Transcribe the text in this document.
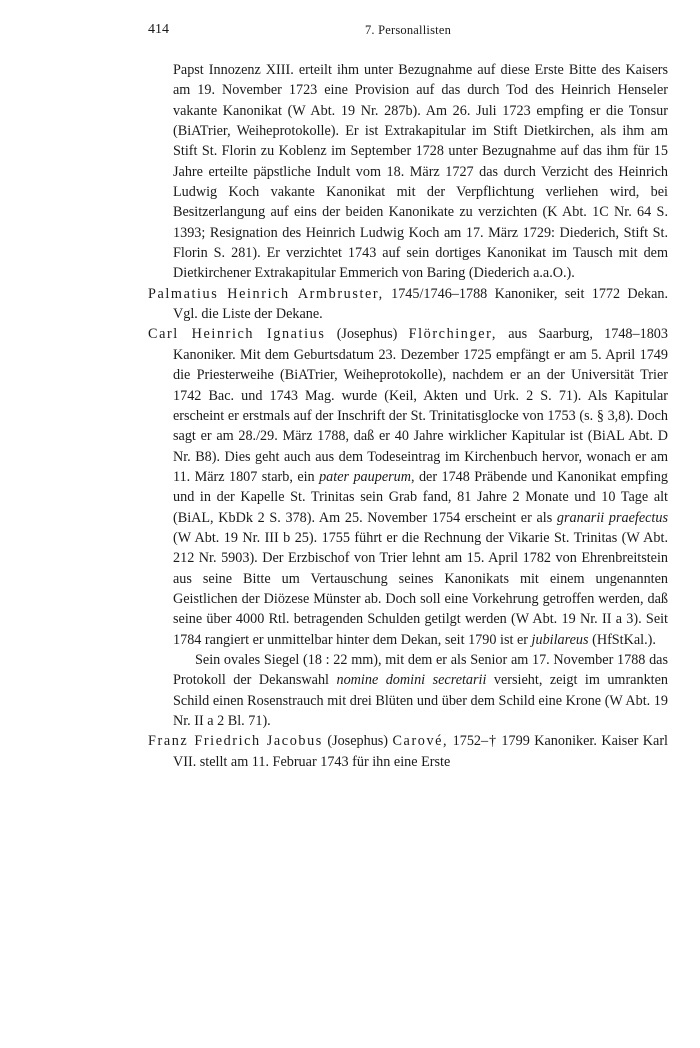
414	7. Personallisten

Papst Innozenz XIII. erteilt ihm unter Bezugnahme auf diese Erste Bitte des Kaisers am 19. November 1723 eine Provision auf das durch Tod des Heinrich Henseler vakante Kanonikat (W Abt. 19 Nr. 287b). Am 26. Juli 1723 empfing er die Tonsur (BiATrier, Weiheprotokolle). Er ist Extrakapitular im Stift Dietkirchen, als ihm am Stift St. Florin zu Koblenz im September 1728 unter Bezugnahme auf das ihm für 15 Jahre erteilte päpstliche Indult vom 18. März 1727 das durch Verzicht des Heinrich Ludwig Koch vakante Kanonikat mit der Verpflichtung verliehen wird, bei Besitzerlangung auf eins der beiden Kanonikate zu verzichten (K Abt. 1C Nr. 64 S. 1393; Resignation des Heinrich Ludwig Koch am 17. März 1729: Diederich, Stift St. Florin S. 281). Er verzichtet 1743 auf sein dortiges Kanonikat im Tausch mit dem Dietkirchener Extrakapitular Emmerich von Baring (Diederich a.a.O.).

Palmatius Heinrich Armbruster, 1745/1746–1788 Kanoniker, seit 1772 Dekan. Vgl. die Liste der Dekane.

Carl Heinrich Ignatius (Josephus) Flörchinger, aus Saarburg, 1748–1803 Kanoniker. Mit dem Geburtsdatum 23. Dezember 1725 empfängt er am 5. April 1749 die Priesterweihe (BiATrier, Weiheprotokolle), nachdem er an der Universität Trier 1742 Bac. und 1743 Mag. wurde (Keil, Akten und Urk. 2 S. 71). Als Kapitular erscheint er erstmals auf der Inschrift der St. Trinitatisglocke von 1753 (s. § 3,8). Doch sagt er am 28./29. März 1788, daß er 40 Jahre wirklicher Kapitular ist (BiAL Abt. D Nr. B8). Dies geht auch aus dem Todeseintrag im Kirchenbuch hervor, wonach er am 11. März 1807 starb, ein pater pauperum, der 1748 Präbende und Kanonikat empfing und in der Kapelle St. Trinitas sein Grab fand, 81 Jahre 2 Monate und 10 Tage alt (BiAL, KbDk 2 S. 378). Am 25. November 1754 erscheint er als granarii praefectus (W Abt. 19 Nr. III b 25). 1755 führt er die Rechnung der Vikarie St. Trinitas (W Abt. 212 Nr. 5903). Der Erzbischof von Trier lehnt am 15. April 1782 von Ehrenbreitstein aus seine Bitte um Vertauschung seines Kanonikats mit einem ungenannten Geistlichen der Diözese Münster ab. Doch soll eine Vorkehrung getroffen werden, daß seine über 4000 Rtl. betragenden Schulden getilgt werden (W Abt. 19 Nr. II a 3). Seit 1784 rangiert er unmittelbar hinter dem Dekan, seit 1790 ist er jubilareus (HfStKal.).

Sein ovales Siegel (18 : 22 mm), mit dem er als Senior am 17. November 1788 das Protokoll der Dekanswahl nomine domini secretarii versieht, zeigt im umrankten Schild einen Rosenstrauch mit drei Blüten und über dem Schild eine Krone (W Abt. 19 Nr. II a 2 Bl. 71).

Franz Friedrich Jacobus (Josephus) Carové, 1752–† 1799 Kanoniker. Kaiser Karl VII. stellt am 11. Februar 1743 für ihn eine Erste
